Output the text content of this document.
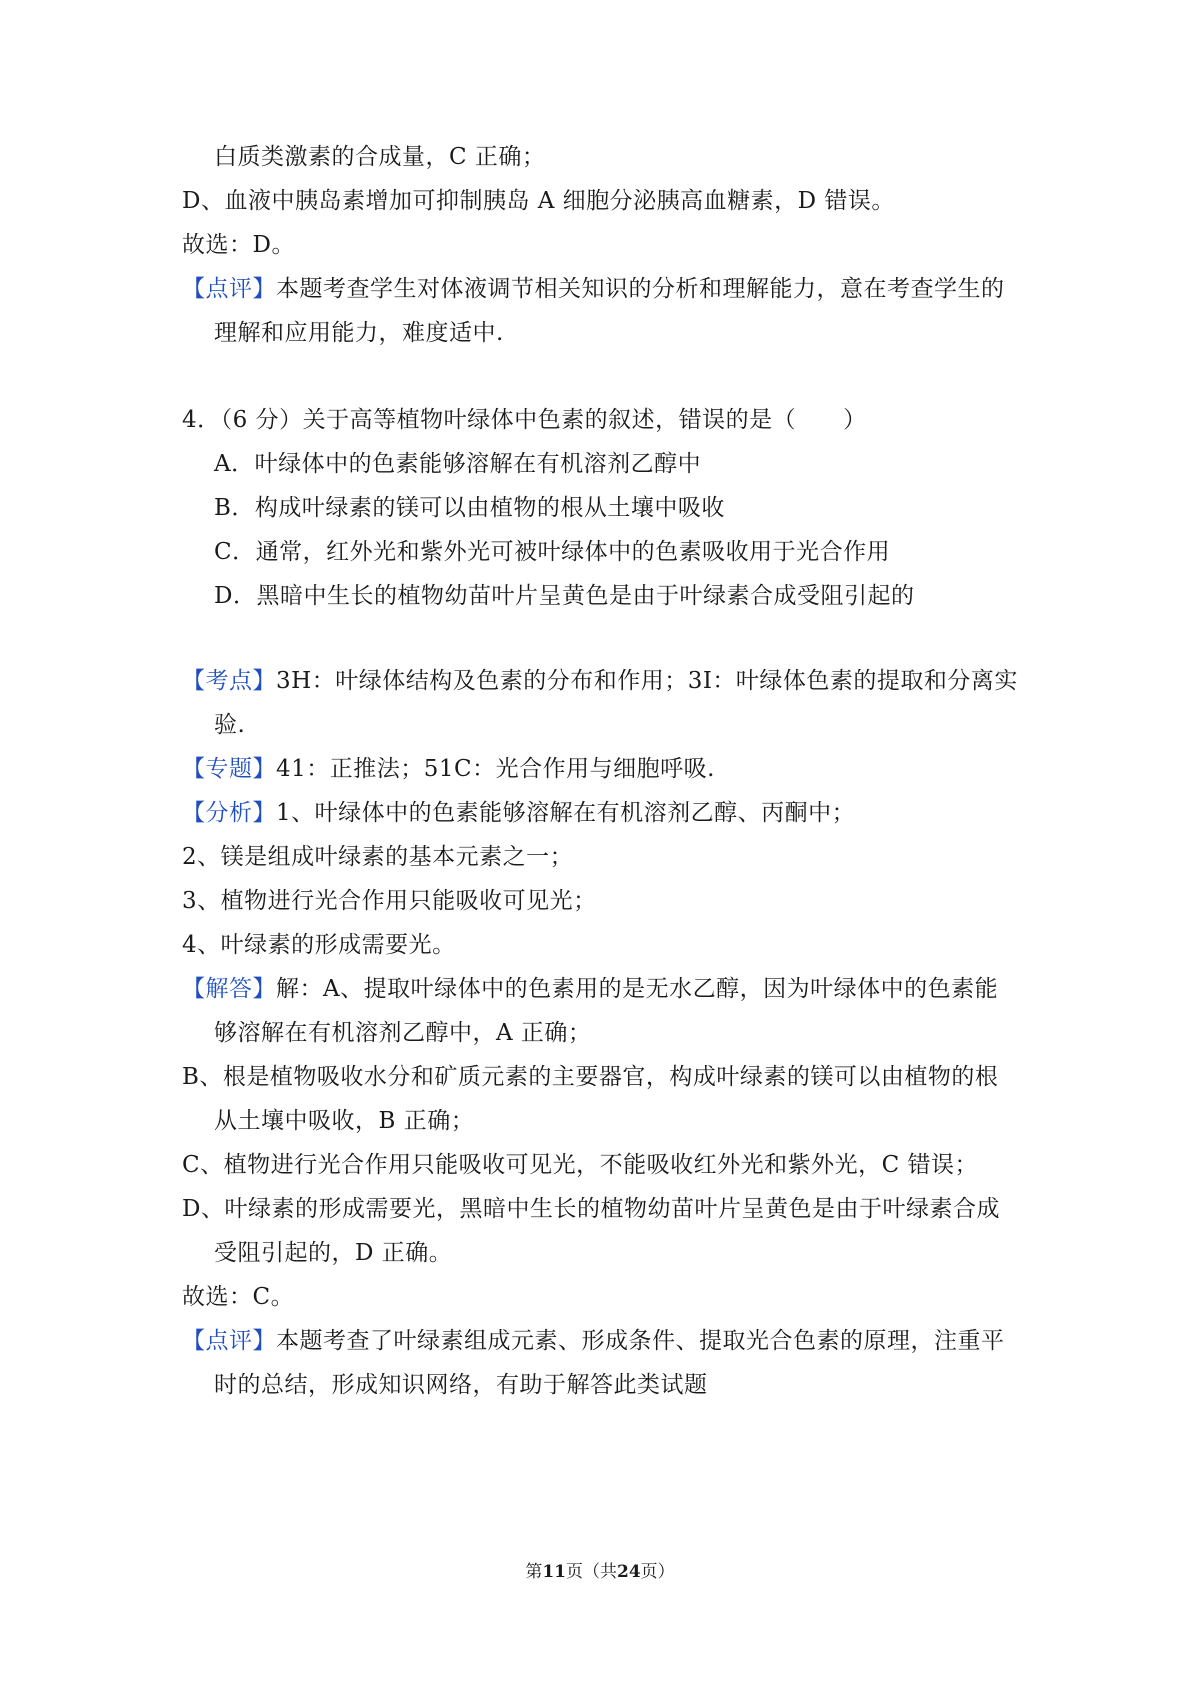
白质类激素的合成量，C 正确；
D、血液中胰岛素增加可抑制胰岛 A 细胞分泌胰高血糖素，D 错误。
故选：D。
【点评】本题考查学生对体液调节相关知识的分析和理解能力，意在考查学生的
理解和应用能力，难度适中.
4．（6 分）关于高等植物叶绿体中色素的叙述，错误的是（　　）
A．叶绿体中的色素能够溶解在有机溶剂乙醇中
B．构成叶绿素的镁可以由植物的根从土壤中吸收
C．通常，红外光和紫外光可被叶绿体中的色素吸收用于光合作用
D．黑暗中生长的植物幼苗叶片呈黄色是由于叶绿素合成受阻引起的
【考点】3H：叶绿体结构及色素的分布和作用；3I：叶绿体色素的提取和分离实
验.
【专题】41：正推法；51C：光合作用与细胞呼吸.
【分析】1、叶绿体中的色素能够溶解在有机溶剂乙醇、丙酮中；
2、镁是组成叶绿素的基本元素之一；
3、植物进行光合作用只能吸收可见光；
4、叶绿素的形成需要光。
【解答】解：A、提取叶绿体中的色素用的是无水乙醇，因为叶绿体中的色素能
够溶解在有机溶剂乙醇中，A 正确；
B、根是植物吸收水分和矿质元素的主要器官，构成叶绿素的镁可以由植物的根
从土壤中吸收，B 正确；
C、植物进行光合作用只能吸收可见光，不能吸收红外光和紫外光，C 错误；
D、叶绿素的形成需要光，黑暗中生长的植物幼苗叶片呈黄色是由于叶绿素合成
受阻引起的，D 正确。
故选：C。
【点评】本题考查了叶绿素组成元素、形成条件、提取光合色素的原理，注重平
时的总结，形成知识网络，有助于解答此类试题
第11页（共24页）
